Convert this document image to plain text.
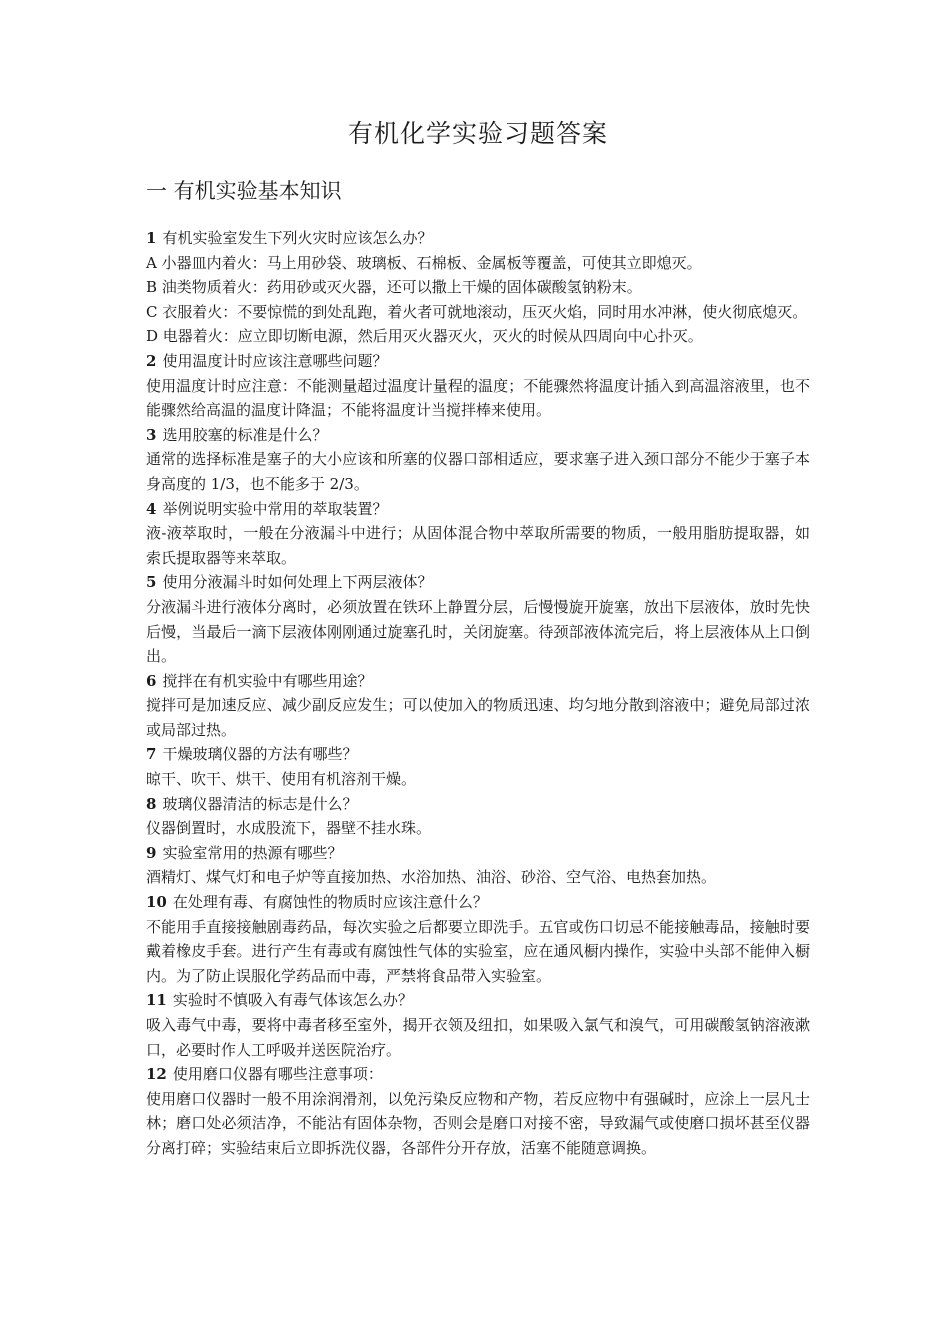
有机化学实验习题答案
一 有机实验基本知识

1 有机实验室发生下列火灾时应该怎么办？

A 小器皿内着火：马上用砂袋、玻璃板、石棉板、金属板等覆盖，可使其立即熄灭。

B 油类物质着火：药用砂或灭火器，还可以撒上干燥的固体碳酸氢钠粉末。

C 衣服着火：不要惊慌的到处乱跑，着火者可就地滚动，压灭火焰，同时用水冲淋，使火彻底熄灭。

D 电器着火：应立即切断电源，然后用灭火器灭火，灭火的时候从四周向中心扑灭。

2 使用温度计时应该注意哪些问题？

使用温度计时应注意：不能测量超过温度计量程的温度；不能骤然将温度计插入到高温溶液里，也不能骤然给高温的温度计降温；不能将温度计当搅拌棒来使用。

3 选用胶塞的标准是什么？

通常的选择标准是塞子的大小应该和所塞的仪器口部相适应，要求塞子进入颈口部分不能少于塞子本身高度的 1/3，也不能多于 2/3。

4 举例说明实验中常用的萃取装置？

液-液萃取时，一般在分液漏斗中进行；从固体混合物中萃取所需要的物质，一般用脂肪提取器，如索氏提取器等来萃取。

5 使用分液漏斗时如何处理上下两层液体？

分液漏斗进行液体分离时，必须放置在铁环上静置分层，后慢慢旋开旋塞，放出下层液体，放时先快后慢，当最后一滴下层液体刚刚通过旋塞孔时，关闭旋塞。待颈部液体流完后，将上层液体从上口倒出。

6 搅拌在有机实验中有哪些用途？

搅拌可是加速反应、减少副反应发生；可以使加入的物质迅速、均匀地分散到溶液中；避免局部过浓或局部过热。

7 干燥玻璃仪器的方法有哪些？

晾干、吹干、烘干、使用有机溶剂干燥。

8 玻璃仪器清洁的标志是什么？

仪器倒置时，水成股流下，器壁不挂水珠。

9 实验室常用的热源有哪些？

酒精灯、煤气灯和电子炉等直接加热、水浴加热、油浴、砂浴、空气浴、电热套加热。

10 在处理有毒、有腐蚀性的物质时应该注意什么？

不能用手直接接触剧毒药品，每次实验之后都要立即洗手。五官或伤口切忌不能接触毒品，接触时要戴着橡皮手套。进行产生有毒或有腐蚀性气体的实验室，应在通风橱内操作，实验中头部不能伸入橱内。为了防止误服化学药品而中毒，严禁将食品带入实验室。

11 实验时不慎吸入有毒气体该怎么办？

吸入毒气中毒，要将中毒者移至室外，揭开衣领及纽扣，如果吸入氯气和溴气，可用碳酸氢钠溶液漱口，必要时作人工呼吸并送医院治疗。

12 使用磨口仪器有哪些注意事项：

使用磨口仪器时一般不用涂润滑剂，以免污染反应物和产物，若反应物中有强碱时，应涂上一层凡士林；磨口处必须洁净，不能沾有固体杂物，否则会是磨口对接不密，导致漏气或使磨口损坏甚至仪器分离打碎；实验结束后立即拆洗仪器，各部件分开存放，活塞不能随意调换。
